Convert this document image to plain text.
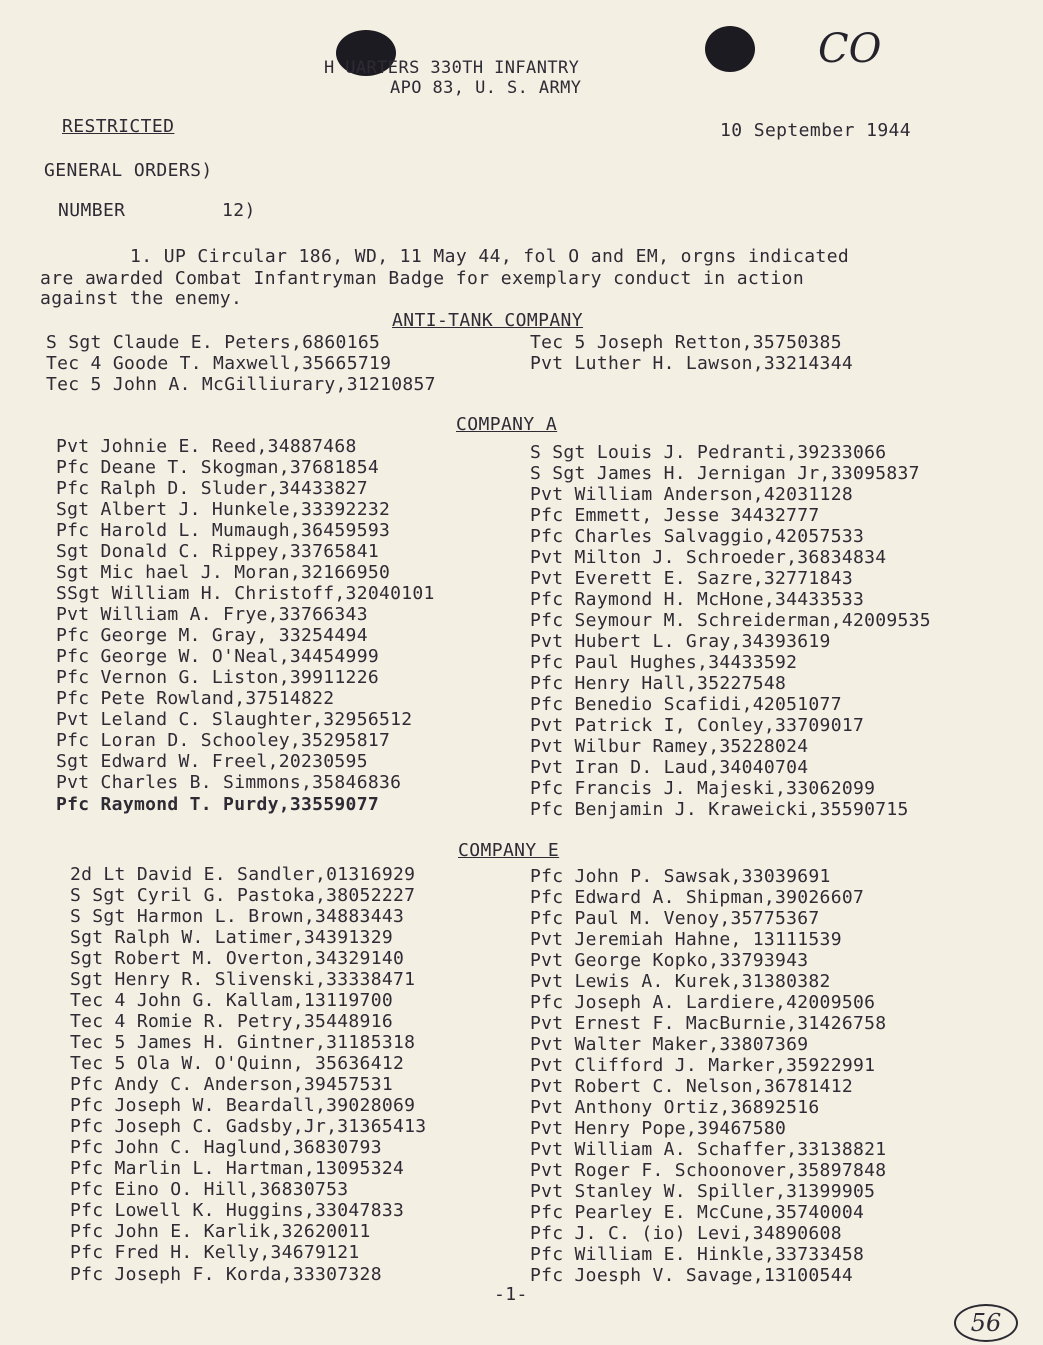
H UARTERS 330TH INFANTRY
APO 83, U. S. ARMY
CO
RESTRICTED	10 September 1944
GENERAL ORDERS)
NUMBER	12)
1. UP Circular 186, WD, 11 May 44, fol O and EM, orgns indicated
are awarded Combat Infantryman Badge for exemplary conduct in action
against the enemy.
ANTI-TANK COMPANY
S Sgt Claude E. Peters,6860165
Tec 4 Goode T. Maxwell,35665719
Tec 5 John A. McGilliurary,31210857
Tec 5 Joseph Retton,35750385
Pvt Luther H. Lawson,33214344
COMPANY A
Pvt Johnie E. Reed,34887468
Pfc Deane T. Skogman,37681854
Pfc Ralph D. Sluder,34433827
Sgt Albert J. Hunkele,33392232
Pfc Harold L. Mumaugh,36459593
Sgt Donald C. Rippey,33765841
Sgt Mic hael J. Moran,32166950
SSgt William H. Christoff,32040101
Pvt William A. Frye,33766343
Pfc George M. Gray, 33254494
Pfc George W. O'Neal,34454999
Pfc Vernon G. Liston,39911226
Pfc Pete Rowland,37514822
Pvt Leland C. Slaughter,32956512
Pfc Loran D. Schooley,35295817
Sgt Edward W. Freel,20230595
Pvt Charles B. Simmons,35846836
Pfc Raymond T. Purdy,33559077
S Sgt Louis J. Pedranti,39233066
S Sgt James H. Jernigan Jr,33095837
Pvt William Anderson,42031128
Pfc Emmett, Jesse 34432777
Pfc Charles Salvaggio,42057533
Pvt Milton J. Schroeder,36834834
Pvt Everett E. Sazre,32771843
Pfc Raymond H. McHone,34433533
Pfc Seymour M. Schreiderman,42009535
Pvt Hubert L. Gray,34393619
Pfc Paul Hughes,34433592
Pfc Henry Hall,35227548
Pfc Benedio Scafidi,42051077
Pvt Patrick I, Conley,33709017
Pvt Wilbur Ramey,35228024
Pvt Iran D. Laud,34040704
Pfc Francis J. Majeski,33062099
Pfc Benjamin J. Kraweicki,35590715
COMPANY E
2d Lt David E. Sandler,01316929
S Sgt Cyril G. Pastoka,38052227
S Sgt Harmon L. Brown,34883443
Sgt Ralph W. Latimer,34391329
Sgt Robert M. Overton,34329140
Sgt Henry R. Slivenski,33338471
Tec 4 John G. Kallam,13119700
Tec 4 Romie R. Petry,35448916
Tec 5 James H. Gintner,31185318
Tec 5 Ola W. O'Quinn, 35636412
Pfc Andy C. Anderson,39457531
Pfc Joseph W. Beardall,39028069
Pfc Joseph C. Gadsby,Jr,31365413
Pfc John C. Haglund,36830793
Pfc Marlin L. Hartman,13095324
Pfc Eino O. Hill,36830753
Pfc Lowell K. Huggins,33047833
Pfc John E. Karlik,32620011
Pfc Fred H. Kelly,34679121
Pfc Joseph F. Korda,33307328
Pfc John P. Sawsak,33039691
Pfc Edward A. Shipman,39026607
Pfc Paul M. Venoy,35775367
Pvt Jeremiah Hahne, 13111539
Pvt George Kopko,33793943
Pvt Lewis A. Kurek,31380382
Pfc Joseph A. Lardiere,42009506
Pvt Ernest F. MacBurnie,31426758
Pvt Walter Maker,33807369
Pvt Clifford J. Marker,35922991
Pvt Robert C. Nelson,36781412
Pvt Anthony Ortiz,36892516
Pvt Henry Pope,39467580
Pvt William A. Schaffer,33138821
Pvt Roger F. Schoonover,35897848
Pvt Stanley W. Spiller,31399905
Pfc Pearley E. McCune,35740004
Pfc J. C. (io) Levi,34890608
Pfc William E. Hinkle,33733458
Pfc Joesph V. Savage,13100544
-1-
56
